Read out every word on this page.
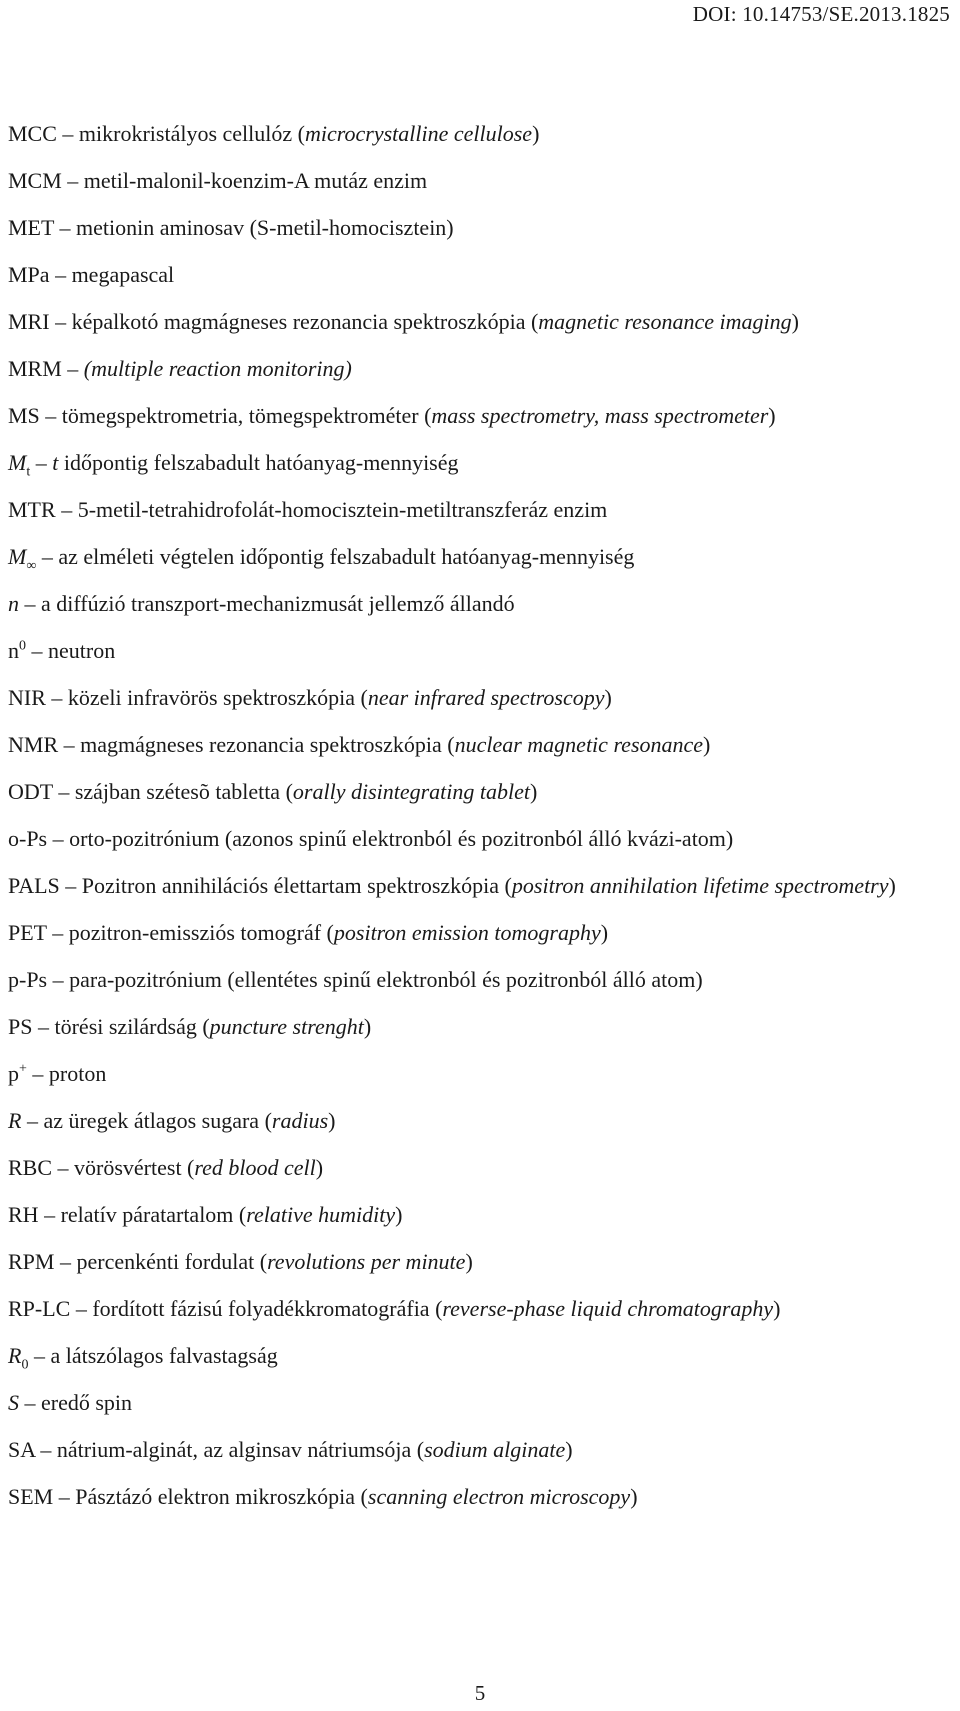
DOI: 10.14753/SE.2013.1825
MCC – mikrokristályos cellulóz (microcrystalline cellulose)
MCM – metil-malonil-koenzim-A mutáz enzim
MET – metionin aminosav (S-metil-homocisztein)
MPa – megapascal
MRI – képalkotó magmágneses rezonancia spektroszkópia (magnetic resonance imaging)
MRM – (multiple reaction monitoring)
MS – tömegspektrometria, tömegspektrométer (mass spectrometry, mass spectrometer)
$M_t$ – t időpontig felszabadult hatóanyag-mennyiség
MTR – 5-metil-tetrahidrofolát-homocisztein-metiltranszferáz enzim
$M_\infty$ – az elméleti végtelen időpontig felszabadult hatóanyag-mennyiség
n – a diffúzió transzport-mechanizmusát jellemző állandó
$n^0$ – neutron
NIR – közeli infravörös spektroszkópia (near infrared spectroscopy)
NMR – magmágneses rezonancia spektroszkópia (nuclear magnetic resonance)
ODT – szájban szétesõ tabletta (orally disintegrating tablet)
o-Ps – orto-pozitrónium (azonos spinű elektronból és pozitronból álló kvázi-atom)
PALS – Pozitron annihilációs élettartam spektroszkópia (positron annihilation lifetime spectrometry)
PET – pozitron-emissziós tomográf (positron emission tomography)
p-Ps – para-pozitrónium (ellentétes spinű elektronból és pozitronból álló atom)
PS – törési szilárdság (puncture strenght)
p+ – proton
R – az üregek átlagos sugara (radius)
RBC – vörösvértest (red blood cell)
RH – relatív páratartalom (relative humidity)
RPM – percenkénti fordulat (revolutions per minute)
RP-LC – fordított fázisú folyadékkromatográfia (reverse-phase liquid chromatography)
$R_0$ – a látszólagos falvastagság
S – eredő spin
SA – nátrium-alginát, az alginsav nátriumsója (sodium alginate)
SEM – Pásztázó elektron mikroszkópia (scanning electron microscopy)
5
